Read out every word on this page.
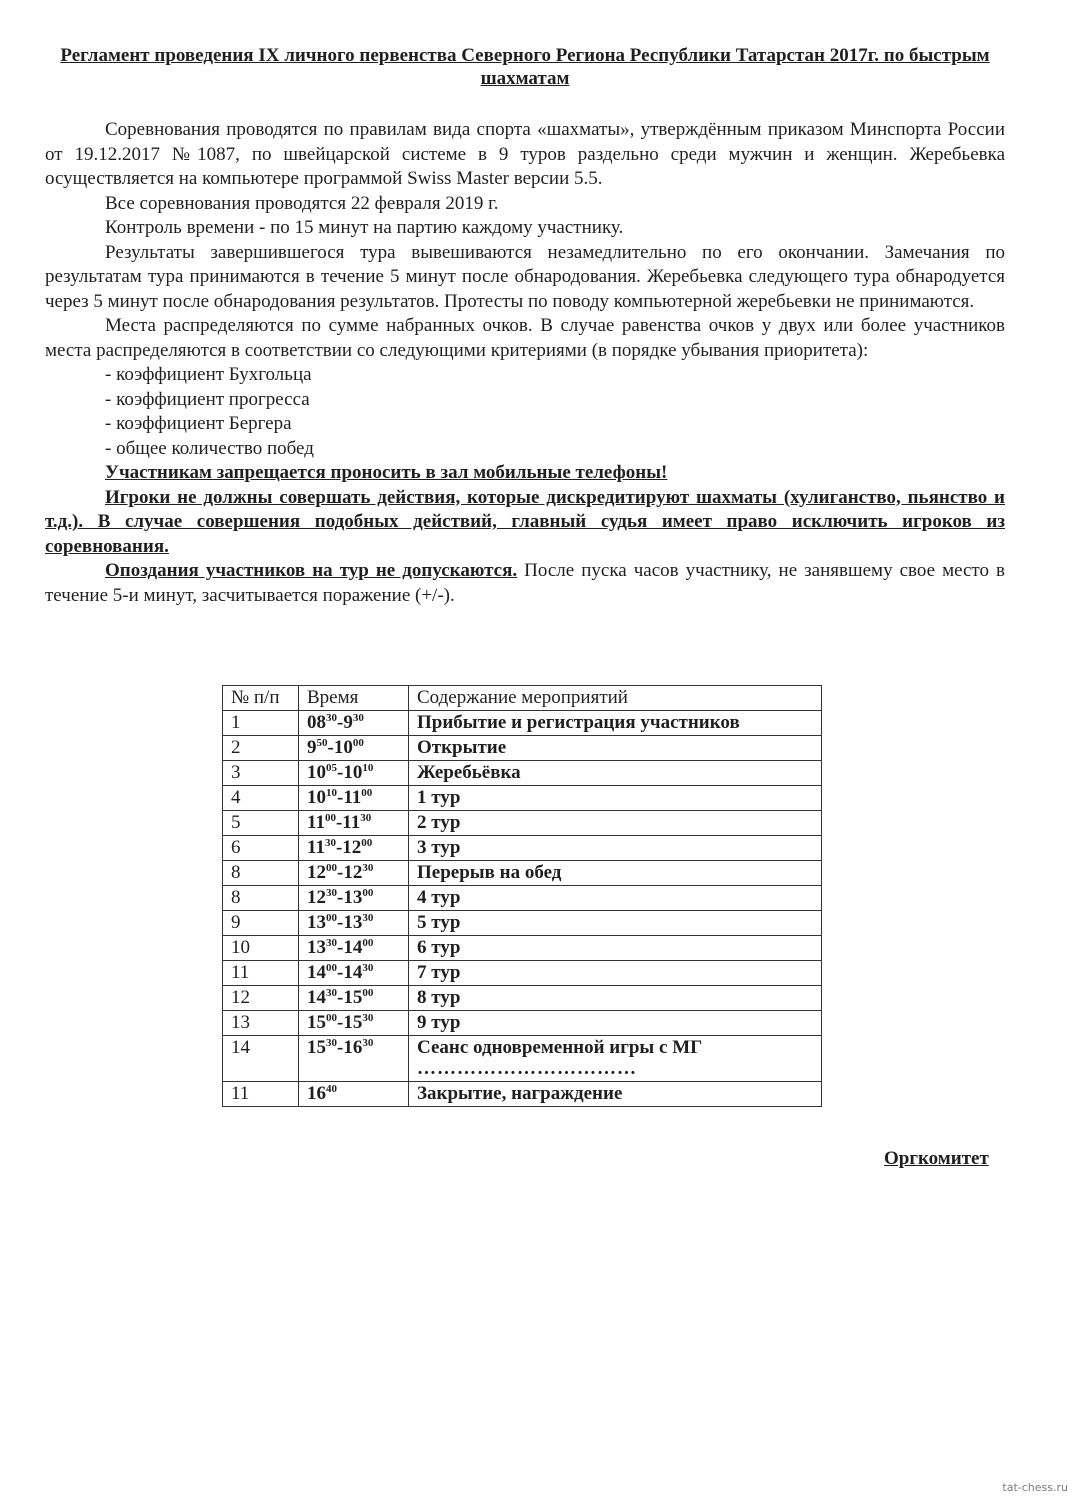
Регламент проведения IX личного первенства Северного Региона Республики Татарстан 2017г. по быстрым шахматам

Соревнования проводятся по правилам вида спорта «шахматы», утверждённым приказом Минспорта России от 19.12.2017 №1087, по швейцарской системе в 9 туров раздельно среди мужчин и женщин. Жеребьевка осуществляется на компьютере программой Swiss Master версии 5.5.

Все соревнования проводятся 22 февраля 2019 г.

Контроль времени - по 15 минут на партию каждому участнику.

Результаты завершившегося тура вывешиваются незамедлительно по его окончании. Замечания по результатам тура принимаются в течение 5 минут после обнародования. Жеребьевка следующего тура обнародуется через 5 минут после обнародования результатов. Протесты по поводу компьютерной жеребьевки не принимаются.

Места распределяются по сумме набранных очков. В случае равенства очков у двух или более участников места распределяются в соответствии со следующими критериями (в порядке убывания приоритета):

- коэффициент Бухгольца

- коэффициент прогресса

- коэффициент Бергера

- общее количество побед

Участникам запрещается проносить в зал мобильные телефоны!

Игроки не должны совершать действия, которые дискредитируют шахматы (хулиганство, пьянство и т.д.). В случае совершения подобных действий, главный судья имеет право исключить игроков из соревнования.

Опоздания участников на тур не допускаются. После пуска часов участнику, не занявшему свое место в течение 5-и минут, засчитывается поражение (+/-).

№ п/п	Время	Содержание мероприятий
1	$08^{30}-9^{30}$	Прибытие и регистрация участников

2	$9^{50}-10^{00}$	Открытие

3	$10^{05}-10^{10}$	Жеребьёвка

4	$10^{10}-11^{00}$	1 тур

5	$11^{00}-11^{30}$	2 тур

6	$11^{30}-12^{00}$	3 тур

8	$12^{00}-12^{30}$	Перерыв на обед

8	$12^{30}-13^{00}$	4 тур

9	$13^{00}-13^{30}$	5 тур

10	$13^{30}-14^{00}$	6 тур

11	$14^{00}-14^{30}$	7 тур

12	$14^{30}-15^{00}$	8 тур

13	$15^{00}-15^{30}$	9 тур

14	$15^{30}-16^{30}$	Сеанс одновременной игры с МГ
……………………………

11	$16^{40}$	Закрытие, награждение
Оргкомитет
tat-chess.ru
